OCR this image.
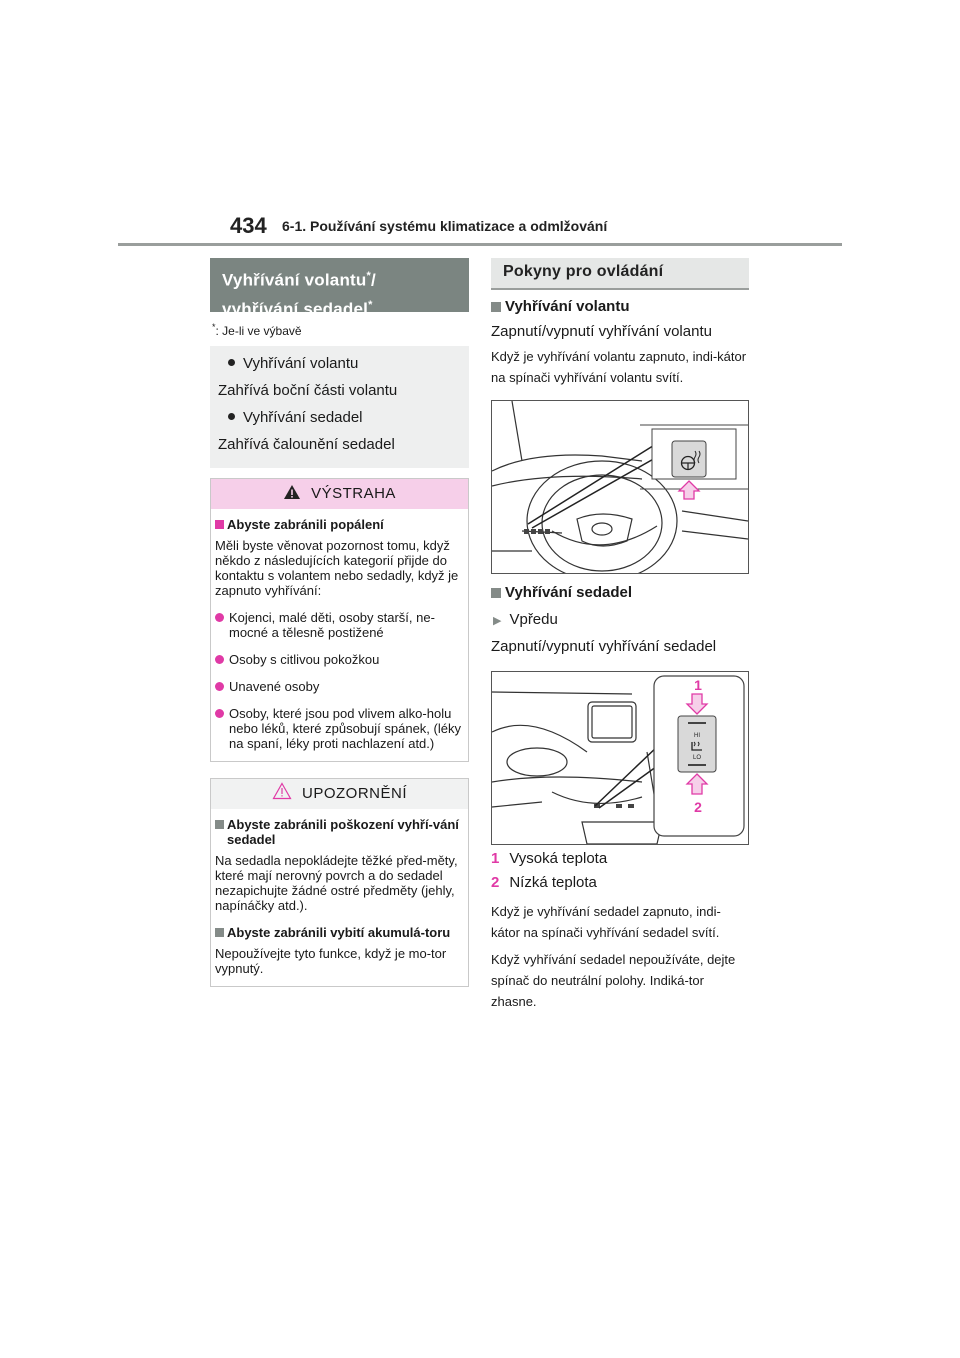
434 6-1. Používání systému klimatizace a odmlžování
Vyhřívání volantu*/
vyhřívání sedadel*
*: Je-li ve výbavě
Vyhřívání volantu
Zahřívá boční části volantu
Vyhřívání sedadel
Zahřívá čalounění sedadel
VÝSTRAHA
Abyste zabránili popálení
Měli byste věnovat pozornost tomu, když někdo z následujících kategorií přijde do kontaktu s volantem nebo sedadly, když je zapnuto vyhřívání:
Kojenci, malé děti, osoby starší, ne-mocné a tělesně postižené
Osoby s citlivou pokožkou
Unavené osoby
Osoby, které jsou pod vlivem alko-holu nebo léků, které způsobují spánek, (léky na spaní, léky proti nachlazení atd.)
UPOZORNĚNÍ
Abyste zabránili poškození vyhří-vání sedadel
Na sedadla nepokládejte těžké před-měty, které mají nerovný povrch a do sedadel nezapichujte žádné ostré předměty (jehly, napínáčky atd.).
Abyste zabránili vybití akumulá-toru
Nepoužívejte tyto funkce, když je mo-tor vypnutý.
Pokyny pro ovládání
Vyhřívání volantu
Zapnutí/vypnutí vyhřívání volantu
Když je vyhřívání volantu zapnuto, indi-kátor na spínači vyhřívání volantu svítí.
Vyhřívání sedadel
▶ Vpředu
Zapnutí/vypnutí vyhřívání sedadel
HI
LO
1
2
1 Vysoká teplota
2 Nízká teplota
Když je vyhřívání sedadel zapnuto, indi-kátor na spínači vyhřívání sedadel svítí.
Když vyhřívání sedadel nepoužíváte, dejte spínač do neutrální polohy. Indiká-tor zhasne.
